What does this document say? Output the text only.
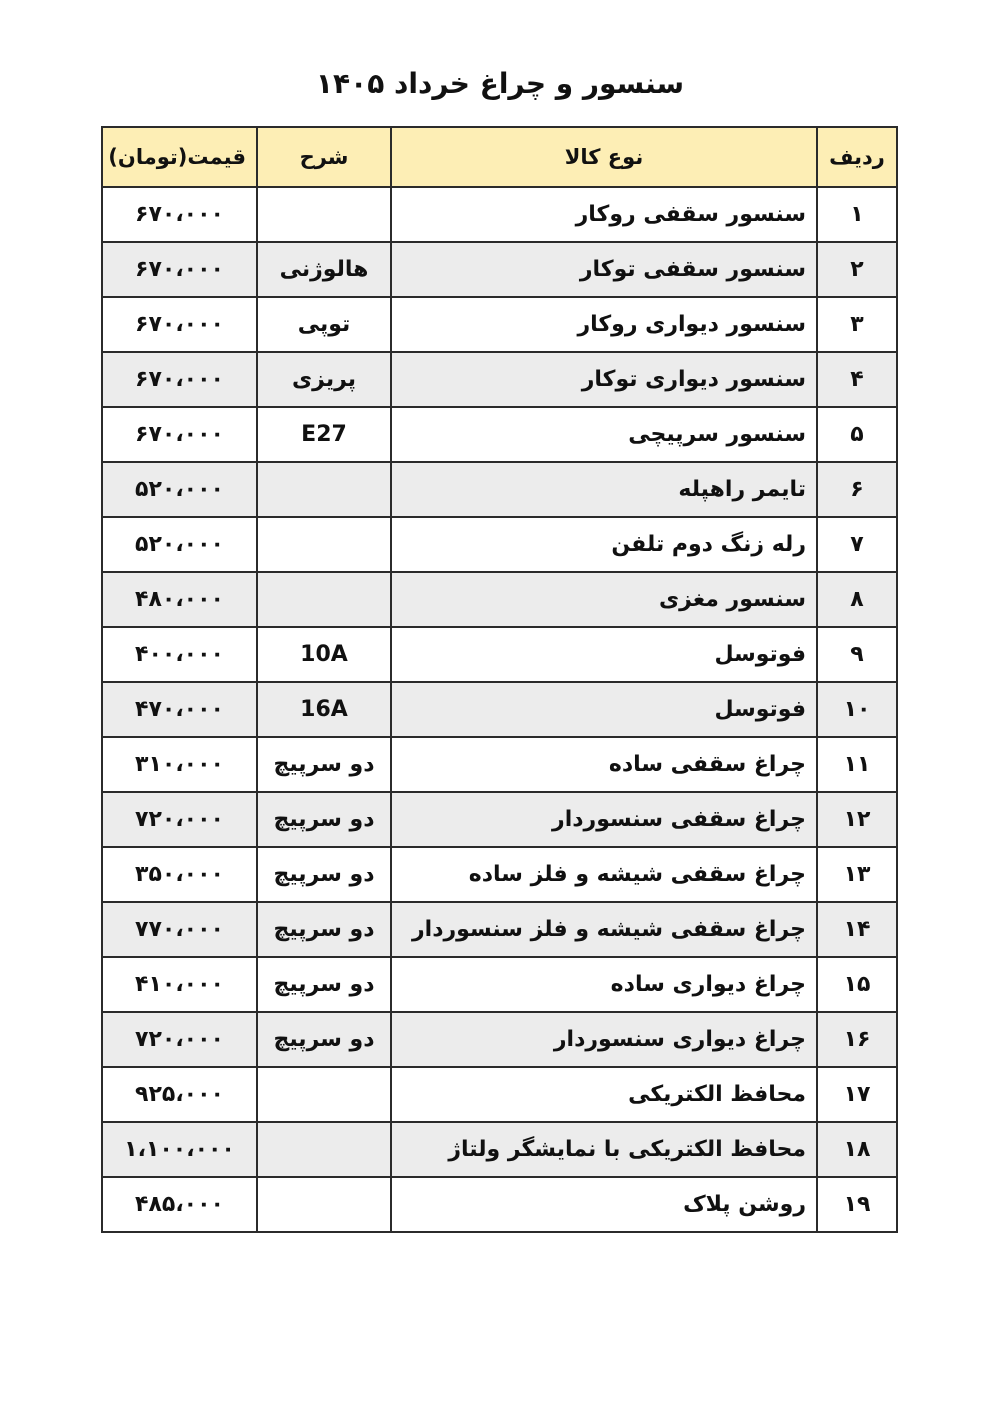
سنسور و چراغ خرداد ۱۴۰۵
ردیف	نوع کالا	شرح	قیمت(تومان)
۱	سنسور سقفی روکار		۶۷۰،۰۰۰
۲	سنسور سقفی توکار	هالوژنی	۶۷۰،۰۰۰
۳	سنسور دیواری روکار	توپی	۶۷۰،۰۰۰
۴	سنسور دیواری توکار	پریزی	۶۷۰،۰۰۰
۵	سنسور سرپیچی	E27	۶۷۰،۰۰۰
۶	تایمر راهپله		۵۲۰،۰۰۰
۷	رله زنگ دوم تلفن		۵۲۰،۰۰۰
۸	سنسور مغزی		۴۸۰،۰۰۰
۹	فوتوسل	10A	۴۰۰،۰۰۰
۱۰	فوتوسل	16A	۴۷۰،۰۰۰
۱۱	چراغ سقفی ساده	دو سرپیچ	۳۱۰،۰۰۰
۱۲	چراغ سقفی سنسوردار	دو سرپیچ	۷۲۰،۰۰۰
۱۳	چراغ سقفی شیشه و فلز ساده	دو سرپیچ	۳۵۰،۰۰۰
۱۴	چراغ سقفی شیشه و فلز سنسوردار	دو سرپیچ	۷۷۰،۰۰۰
۱۵	چراغ دیواری ساده	دو سرپیچ	۴۱۰،۰۰۰
۱۶	چراغ دیواری سنسوردار	دو سرپیچ	۷۲۰،۰۰۰
۱۷	محافظ الکتریکی		۹۲۵،۰۰۰
۱۸	محافظ الکتریکی با نمایشگر ولتاژ		۱،۱۰۰،۰۰۰
۱۹	روشن پلاک		۴۸۵،۰۰۰
